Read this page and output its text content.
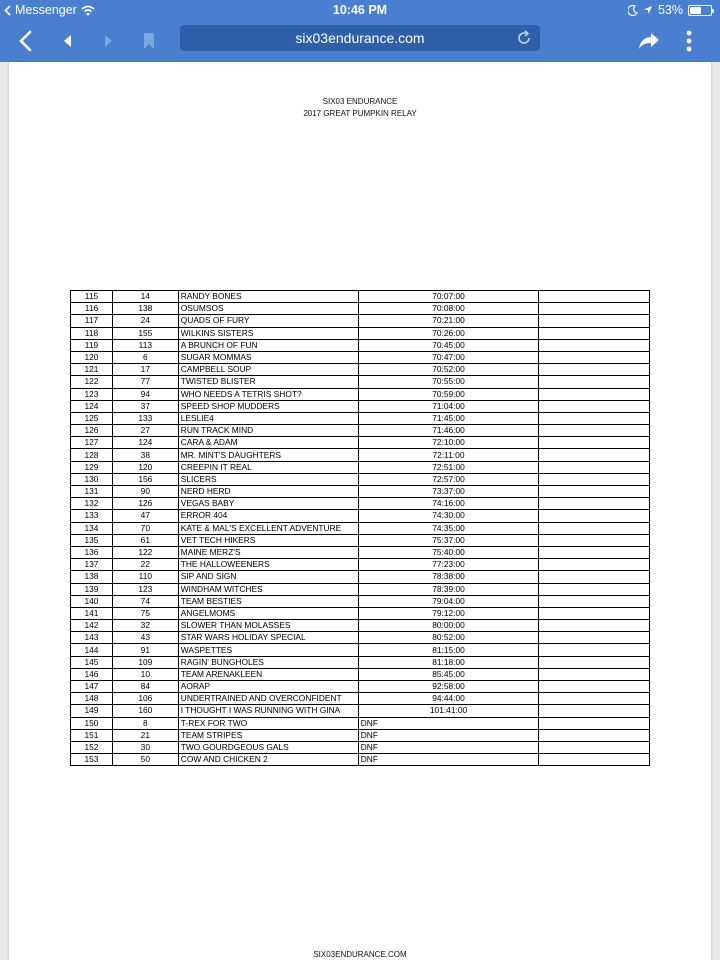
Messenger	10:46 PM	53%
six03endurance.com
SIX03 ENDURANCE
2017 GREAT PUMPKIN RELAY
115	14	RANDY BONES	70:07:00	
116	138	OSUMSOS	70:08:00	
117	24	QUADS OF FURY	70:21:00	
118	155	WILKINS SISTERS	70:26:00	
119	113	A BRUNCH OF FUN	70:45:00	
120	6	SUGAR MOMMAS	70:47:00	
121	17	CAMPBELL SOUP	70:52:00	
122	77	TWISTED BLISTER	70:55:00	
123	94	WHO NEEDS A TETRIS SHOT?	70:59:00	
124	37	SPEED SHOP MUDDERS	71:04:00	
125	133	LESLIE4	71:45:00	
126	27	RUN TRACK MIND	71:46:00	
127	124	CARA & ADAM	72:10:00	
128	38	MR. MINT'S DAUGHTERS	72:11:00	
129	120	CREEPIN IT REAL	72:51:00	
130	156	SLICERS	72:57:00	
131	90	NERD HERD	73:37:00	
132	126	VEGAS BABY	74:16:00	
133	47	ERROR 404	74:30:00	
134	70	KATE & MAL'S EXCELLENT ADVENTURE	74:35:00	
135	61	VET TECH HIKERS	75:37:00	
136	122	MAINE MERZ'S	75:40:00	
137	22	THE HALLOWEENERS	77:23:00	
138	110	SIP AND SIGN	78:38:00	
139	123	WINDHAM WITCHES	78:39:00	
140	74	TEAM BESTIES	79:04:00	
141	75	ANGELMOMS	79:12:00	
142	32	SLOWER THAN MOLASSES	80:00:00	
143	43	STAR WARS HOLIDAY SPECIAL	80:52:00	
144	91	WASPETTES	81:15:00	
145	109	RAGIN' BUNGHOLES	81:18:00	
146	10	TEAM ARENAKLEEN	85:45:00	
147	84	AORAP	92:58:00	
148	106	UNDERTRAINED AND OVERCONFIDENT	94:44:00	
149	160	I THOUGHT I WAS RUNNING WITH GINA	101:41:00	
150	8	T-REX FOR TWO	DNF	
151	21	TEAM STRIPES	DNF	
152	30	TWO GOURDGEOUS GALS	DNF	
153	50	COW AND CHICKEN 2	DNF	
SIX03ENDURANCE.COM
